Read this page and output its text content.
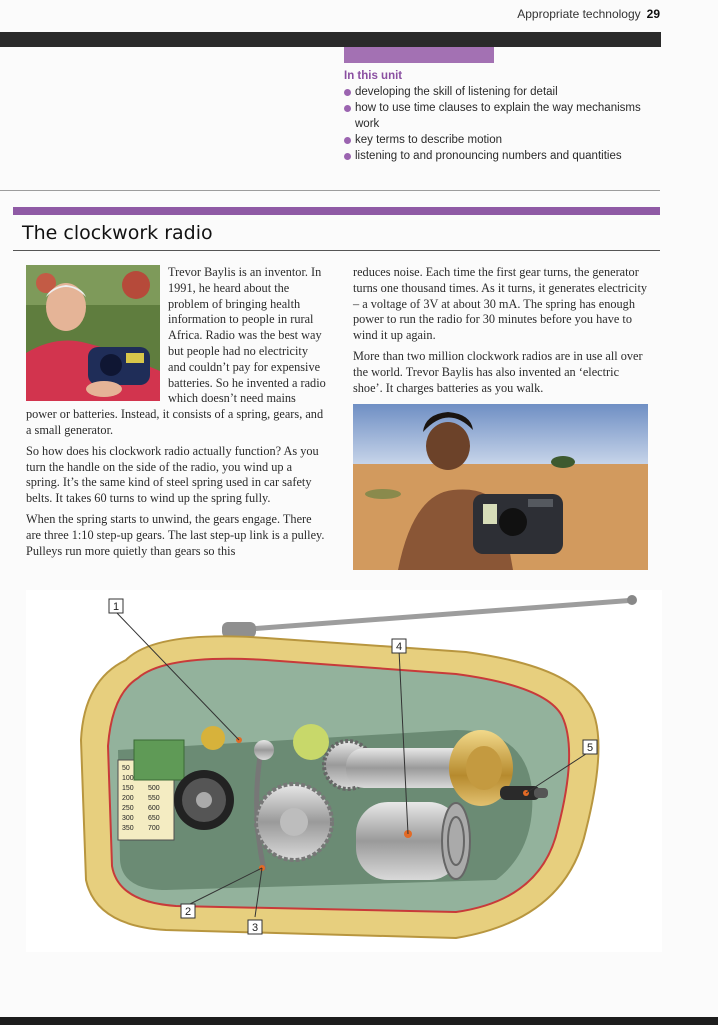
Appropriate technology 29
In this unit
developing the skill of listening for detail
how to use time clauses to explain the way mechanisms work
key terms to describe motion
listening to and pronouncing numbers and quantities
The clockwork radio

Trevor Baylis is an inventor. In 1991, he heard about the problem of bringing health information to people in rural Africa. Radio was the best way but people had no electricity and couldn’t pay for expensive batteries. So he invented a radio which doesn’t need mains power or batteries. Instead, it consists of a spring, gears, and a small generator.

So how does his clockwork radio actually function? As you turn the handle on the side of the radio, you wind up a spring. It’s the same kind of steel spring used in car safety belts. It takes 60 turns to wind up the spring fully.

When the spring starts to unwind, the gears engage. There are three 1:10 step-up gears. The last step-up link is a pulley. Pulleys run more quietly than gears so this

reduces noise. Each time the first gear turns, the generator turns one thousand times. As it turns, it generates electricity – a voltage of 3V at about 30 mA. The spring has enough power to run the radio for 30 minutes before you have to wind it up again.

More than two million clockwork radios are in use all over the world. Trevor Baylis has also invented an ‘electric shoe’. It charges batteries as you walk.

50
100
150
200
250
300
350
500
550
600
650
700
1
2
3
4
5
